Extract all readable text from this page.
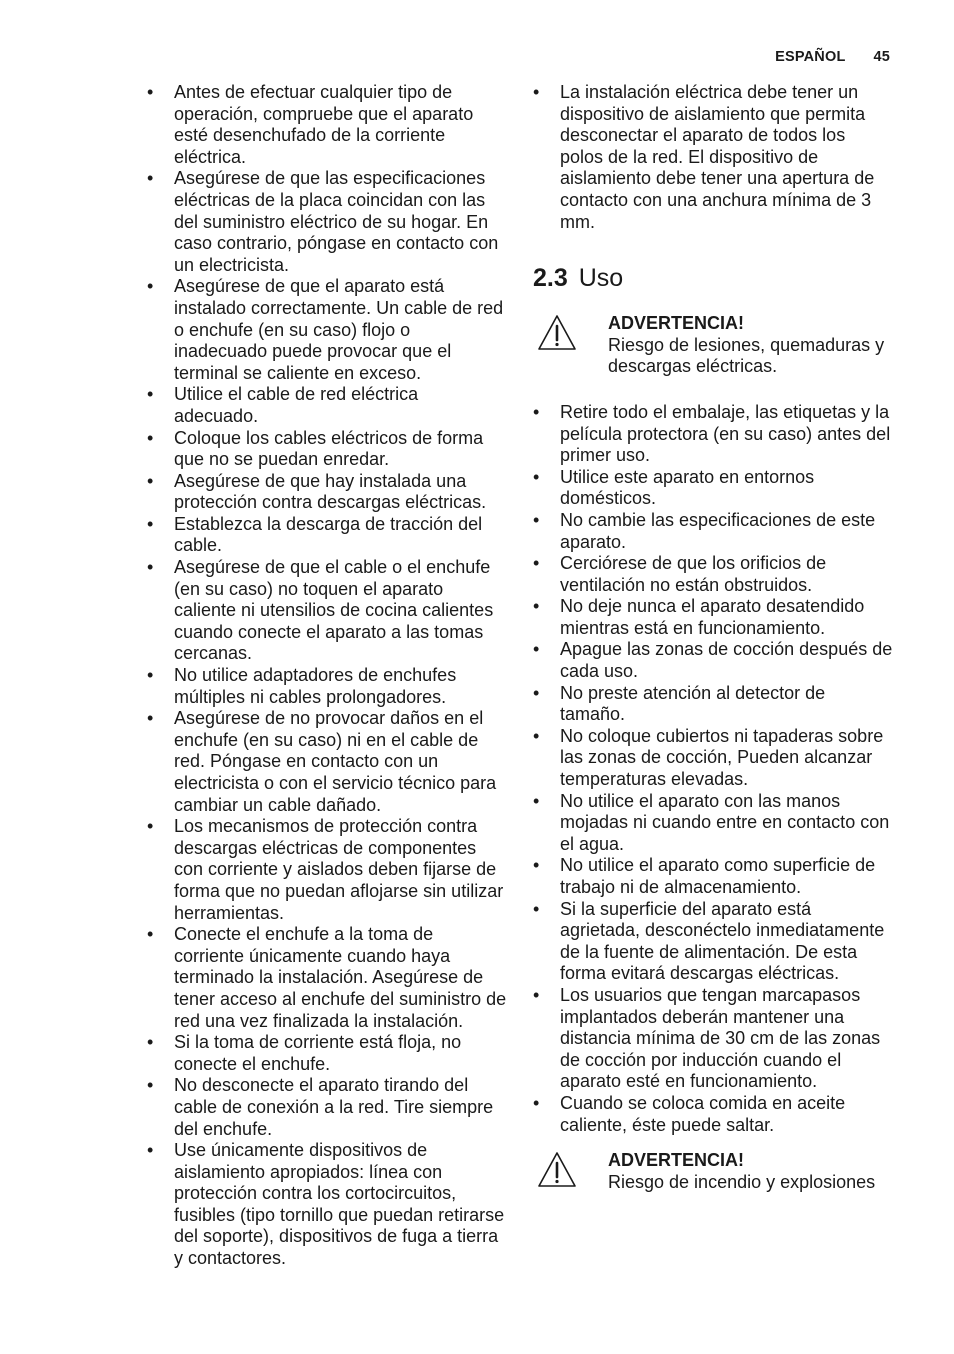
ESPAÑOL 45
• Antes de efectuar cualquier tipo de operación, compruebe que el aparato esté desenchufado de la corriente eléctrica.
• Asegúrese de que las especificaciones eléctricas de la placa coincidan con las del suministro eléctrico de su hogar. En caso contrario, póngase en contacto con un electricista.
• Asegúrese de que el aparato está instalado correctamente. Un cable de red o enchufe (en su caso) flojo o inadecuado puede provocar que el terminal se caliente en exceso.
• Utilice el cable de red eléctrica adecuado.
• Coloque los cables eléctricos de forma que no se puedan enredar.
• Asegúrese de que hay instalada una protección contra descargas eléctricas.
• Establezca la descarga de tracción del cable.
• Asegúrese de que el cable o el enchufe (en su caso) no toquen el aparato caliente ni utensilios de cocina calientes cuando conecte el aparato a las tomas cercanas.
• No utilice adaptadores de enchufes múltiples ni cables prolongadores.
• Asegúrese de no provocar daños en el enchufe (en su caso) ni en el cable de red. Póngase en contacto con un electricista o con el servicio técnico para cambiar un cable dañado.
• Los mecanismos de protección contra descargas eléctricas de componentes con corriente y aislados deben fijarse de forma que no puedan aflojarse sin utilizar herramientas.
• Conecte el enchufe a la toma de corriente únicamente cuando haya terminado la instalación. Asegúrese de tener acceso al enchufe del suministro de red una vez finalizada la instalación.
• Si la toma de corriente está floja, no conecte el enchufe.
• No desconecte el aparato tirando del cable de conexión a la red. Tire siempre del enchufe.
• Use únicamente dispositivos de aislamiento apropiados: línea con protección contra los cortocircuitos, fusibles (tipo tornillo que puedan retirarse del soporte), dispositivos de fuga a tierra y contactores.
• La instalación eléctrica debe tener un dispositivo de aislamiento que permita desconectar el aparato de todos los polos de la red. El dispositivo de aislamiento debe tener una apertura de contacto con una anchura mínima de 3 mm.
2.3 Uso
ADVERTENCIA!
Riesgo de lesiones, quemaduras y descargas eléctricas.
• Retire todo el embalaje, las etiquetas y la película protectora (en su caso) antes del primer uso.
• Utilice este aparato en entornos domésticos.
• No cambie las especificaciones de este aparato.
• Cerciórese de que los orificios de ventilación no están obstruidos.
• No deje nunca el aparato desatendido mientras está en funcionamiento.
• Apague las zonas de cocción después de cada uso.
• No preste atención al detector de tamaño.
• No coloque cubiertos ni tapaderas sobre las zonas de cocción, Pueden alcanzar temperaturas elevadas.
• No utilice el aparato con las manos mojadas ni cuando entre en contacto con el agua.
• No utilice el aparato como superficie de trabajo ni de almacenamiento.
• Si la superficie del aparato está agrietada, desconéctelo inmediatamente de la fuente de alimentación. De esta forma evitará descargas eléctricas.
• Los usuarios que tengan marcapasos implantados deberán mantener una distancia mínima de 30 cm de las zonas de cocción por inducción cuando el aparato esté en funcionamiento.
• Cuando se coloca comida en aceite caliente, éste puede saltar.
ADVERTENCIA!
Riesgo de incendio y explosiones
